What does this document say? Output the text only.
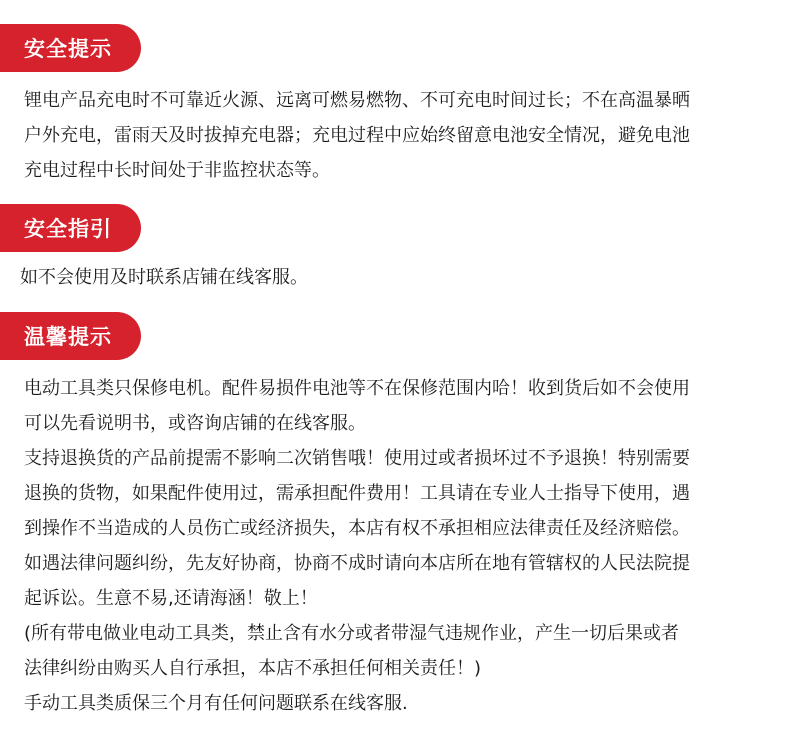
安全提示

锂电产品充电时不可靠近火源、远离可燃易燃物、不可充电时间过长；不在高温暴晒
户外充电，雷雨天及时拔掉充电器；充电过程中应始终留意电池安全情况，避免电池
充电过程中长时间处于非监控状态等。

安全指引

如不会使用及时联系店铺在线客服。

温馨提示

电动工具类只保修电机。配件易损件电池等不在保修范围内哈！收到货后如不会使用
可以先看说明书，或咨询店铺的在线客服。
支持退换货的产品前提需不影响二次销售哦！使用过或者损坏过不予退换！特别需要
退换的货物，如果配件使用过，需承担配件费用！工具请在专业人士指导下使用，遇
到操作不当造成的人员伤亡或经济损失，本店有权不承担相应法律责任及经济赔偿。
如遇法律问题纠纷，先友好协商，协商不成时请向本店所在地有管辖权的人民法院提
起诉讼。生意不易,还请海涵！敬上！
(所有带电做业电动工具类，禁止含有水分或者带湿气违规作业，产生一切后果或者
法律纠纷由购买人自行承担，本店不承担任何相关责任！)
手动工具类质保三个月有任何问题联系在线客服.
